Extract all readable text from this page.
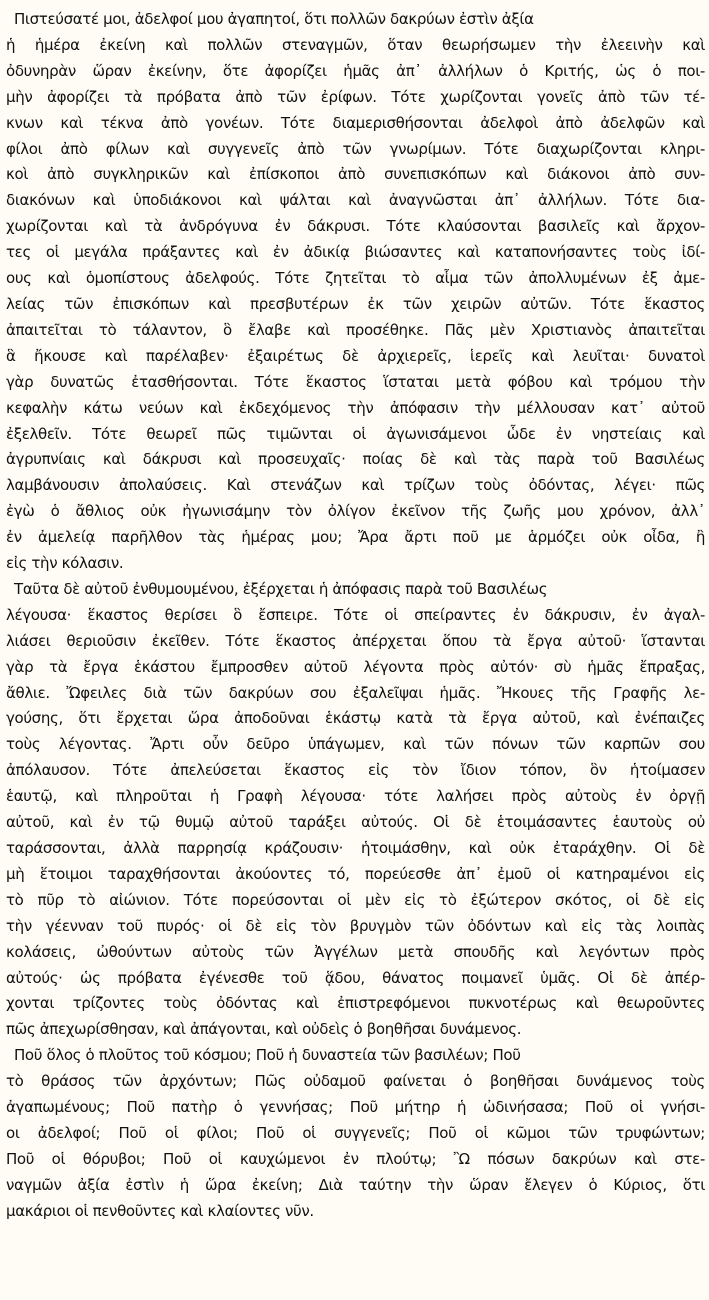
Πιστεύσατέ μοι, ἀδελφοί μου ἀγαπητοί, ὅτι πολλῶν δακρύων ἐστὶν ἀξία
ἡ ἡμέρα ἐκείνη καὶ πολλῶν στεναγμῶν, ὅταν θεωρήσωμεν τὴν ἐλεεινὴν καὶ
ὀδυνηρὰν ὥραν ἐκείνην, ὅτε ἀφορίζει ἡμᾶς ἀπ᾽ ἀλλήλων ὁ Κριτής, ὡς ὁ ποι-
μὴν ἀφορίζει τὰ πρόβατα ἀπὸ τῶν ἐρίφων. Τότε χωρίζονται γονεῖς ἀπὸ τῶν τέ-
κνων καὶ τέκνα ἀπὸ γονέων. Τότε διαμερισθήσονται ἀδελφοὶ ἀπὸ ἀδελφῶν καὶ
φίλοι ἀπὸ φίλων καὶ συγγενεῖς ἀπὸ τῶν γνωρίμων. Τότε διαχωρίζονται κληρι-
κοὶ ἀπὸ συγκληρικῶν καὶ ἐπίσκοποι ἀπὸ συνεπισκόπων καὶ διάκονοι ἀπὸ συν-
διακόνων καὶ ὑποδιάκονοι καὶ ψάλται καὶ ἀναγνῶσται ἀπ᾽ ἀλλήλων. Τότε δια-
χωρίζονται καὶ τὰ ἀνδρόγυνα ἐν δάκρυσι. Τότε κλαύσονται βασιλεῖς καὶ ἄρχον-
τες οἱ μεγάλα πράξαντες καὶ ἐν ἀδικίᾳ βιώσαντες καὶ καταπονήσαντες τοὺς ἰδί-
ους καὶ ὁμοπίστους ἀδελφούς. Τότε ζητεῖται τὸ αἷμα τῶν ἀπολλυμένων ἐξ ἀμε-
λείας τῶν ἐπισκόπων καὶ πρεσβυτέρων ἐκ τῶν χειρῶν αὐτῶν. Τότε ἕκαστος
ἀπαιτεῖται τὸ τάλαντον, ὃ ἔλαβε καὶ προσέθηκε. Πᾶς μὲν Χριστιανὸς ἀπαιτεῖται
ἃ ἤκουσε καὶ παρέλαβεν· ἐξαιρέτως δὲ ἀρχιερεῖς, ἱερεῖς καὶ λευῖται· δυνατοὶ
γὰρ δυνατῶς ἐτασθήσονται. Τότε ἕκαστος ἵσταται μετὰ φόβου καὶ τρόμου τὴν
κεφαλὴν κάτω νεύων καὶ ἐκδεχόμενος τὴν ἀπόφασιν τὴν μέλλουσαν κατ᾽ αὐτοῦ
ἐξελθεῖν. Τότε θεωρεῖ πῶς τιμῶνται οἱ ἀγωνισάμενοι ὧδε ἐν νηστείαις καὶ
ἀγρυπνίαις καὶ δάκρυσι καὶ προσευχαῖς· ποίας δὲ καὶ τὰς παρὰ τοῦ Βασιλέως
λαμβάνουσιν ἀπολαύσεις. Καὶ στενάζων καὶ τρίζων τοὺς ὀδόντας, λέγει· πῶς
ἐγὼ ὁ ἄθλιος οὐκ ἠγωνισάμην τὸν ὀλίγον ἐκεῖνον τῆς ζωῆς μου χρόνον, ἀλλ᾽
ἐν ἀμελείᾳ παρῆλθον τὰς ἡμέρας μου; Ἄρα ἄρτι ποῦ με ἁρμόζει οὐκ οἶδα, ἢ
εἰς τὴν κόλασιν.
Ταῦτα δὲ αὐτοῦ ἐνθυμουμένου, ἐξέρχεται ἡ ἀπόφασις παρὰ τοῦ Βασιλέως
λέγουσα· ἕκαστος θερίσει ὃ ἔσπειρε. Τότε οἱ σπείραντες ἐν δάκρυσιν, ἐν ἀγαλ-
λιάσει θεριοῦσιν ἐκεῖθεν. Τότε ἕκαστος ἀπέρχεται ὅπου τὰ ἔργα αὐτοῦ· ἵστανται
γὰρ τὰ ἔργα ἑκάστου ἔμπροσθεν αὐτοῦ λέγοντα πρὸς αὐτόν· σὺ ἡμᾶς ἔπραξας,
ἄθλιε. Ὤφειλες διὰ τῶν δακρύων σου ἐξαλεῖψαι ἡμᾶς. Ἤκουες τῆς Γραφῆς λε-
γούσης, ὅτι ἔρχεται ὥρα ἀποδοῦναι ἑκάστῳ κατὰ τὰ ἔργα αὐτοῦ, καὶ ἐνέπαιζες
τοὺς λέγοντας. Ἄρτι οὖν δεῦρο ὑπάγωμεν, καὶ τῶν πόνων τῶν καρπῶν σου
ἀπόλαυσον. Τότε ἀπελεύσεται ἕκαστος εἰς τὸν ἴδιον τόπον, ὃν ἡτοίμασεν
ἑαυτῷ, καὶ πληροῦται ἡ Γραφὴ λέγουσα· τότε λαλήσει πρὸς αὐτοὺς ἐν ὀργῇ
αὐτοῦ, καὶ ἐν τῷ θυμῷ αὐτοῦ ταράξει αὐτούς. Οἱ δὲ ἑτοιμάσαντες ἑαυτοὺς οὐ
ταράσσονται, ἀλλὰ παρρησίᾳ κράζουσιν· ἡτοιμάσθην, καὶ οὐκ ἐταράχθην. Οἱ δὲ
μὴ ἕτοιμοι ταραχθήσονται ἀκούοντες τό, πορεύεσθε ἀπ᾽ ἐμοῦ οἱ κατηραμένοι εἰς
τὸ πῦρ τὸ αἰώνιον. Τότε πορεύσονται οἱ μὲν εἰς τὸ ἐξώτερον σκότος, οἱ δὲ εἰς
τὴν γέενναν τοῦ πυρός· οἱ δὲ εἰς τὸν βρυγμὸν τῶν ὀδόντων καὶ εἰς τὰς λοιπὰς
κολάσεις, ὠθούντων αὐτοὺς τῶν Ἀγγέλων μετὰ σπουδῆς καὶ λεγόντων πρὸς
αὐτούς· ὡς πρόβατα ἐγένεσθε τοῦ ᾅδου, θάνατος ποιμανεῖ ὑμᾶς. Οἱ δὲ ἀπέρ-
χονται τρίζοντες τοὺς ὀδόντας καὶ ἐπιστρεφόμενοι πυκνοτέρως καὶ θεωροῦντες
πῶς ἀπεχωρίσθησαν, καὶ ἀπάγονται, καὶ οὐδεὶς ὁ βοηθῆσαι δυνάμενος.
Ποῦ ὅλος ὁ πλοῦτος τοῦ κόσμου; Ποῦ ἡ δυναστεία τῶν βασιλέων; Ποῦ
τὸ θράσος τῶν ἀρχόντων; Πῶς οὐδαμοῦ φαίνεται ὁ βοηθῆσαι δυνάμενος τοὺς
ἀγαπωμένους; Ποῦ πατὴρ ὁ γεννήσας; Ποῦ μήτηρ ἡ ὠδινήσασα; Ποῦ οἱ γνήσι-
οι ἀδελφοί; Ποῦ οἱ φίλοι; Ποῦ οἱ συγγενεῖς; Ποῦ οἱ κῶμοι τῶν τρυφώντων;
Ποῦ οἱ θόρυβοι; Ποῦ οἱ καυχώμενοι ἐν πλούτῳ; Ὢ πόσων δακρύων καὶ στε-
ναγμῶν ἀξία ἐστὶν ἡ ὥρα ἐκείνη; Διὰ ταύτην τὴν ὥραν ἔλεγεν ὁ Κύριος, ὅτι
μακάριοι οἱ πενθοῦντες καὶ κλαίοντες νῦν.
